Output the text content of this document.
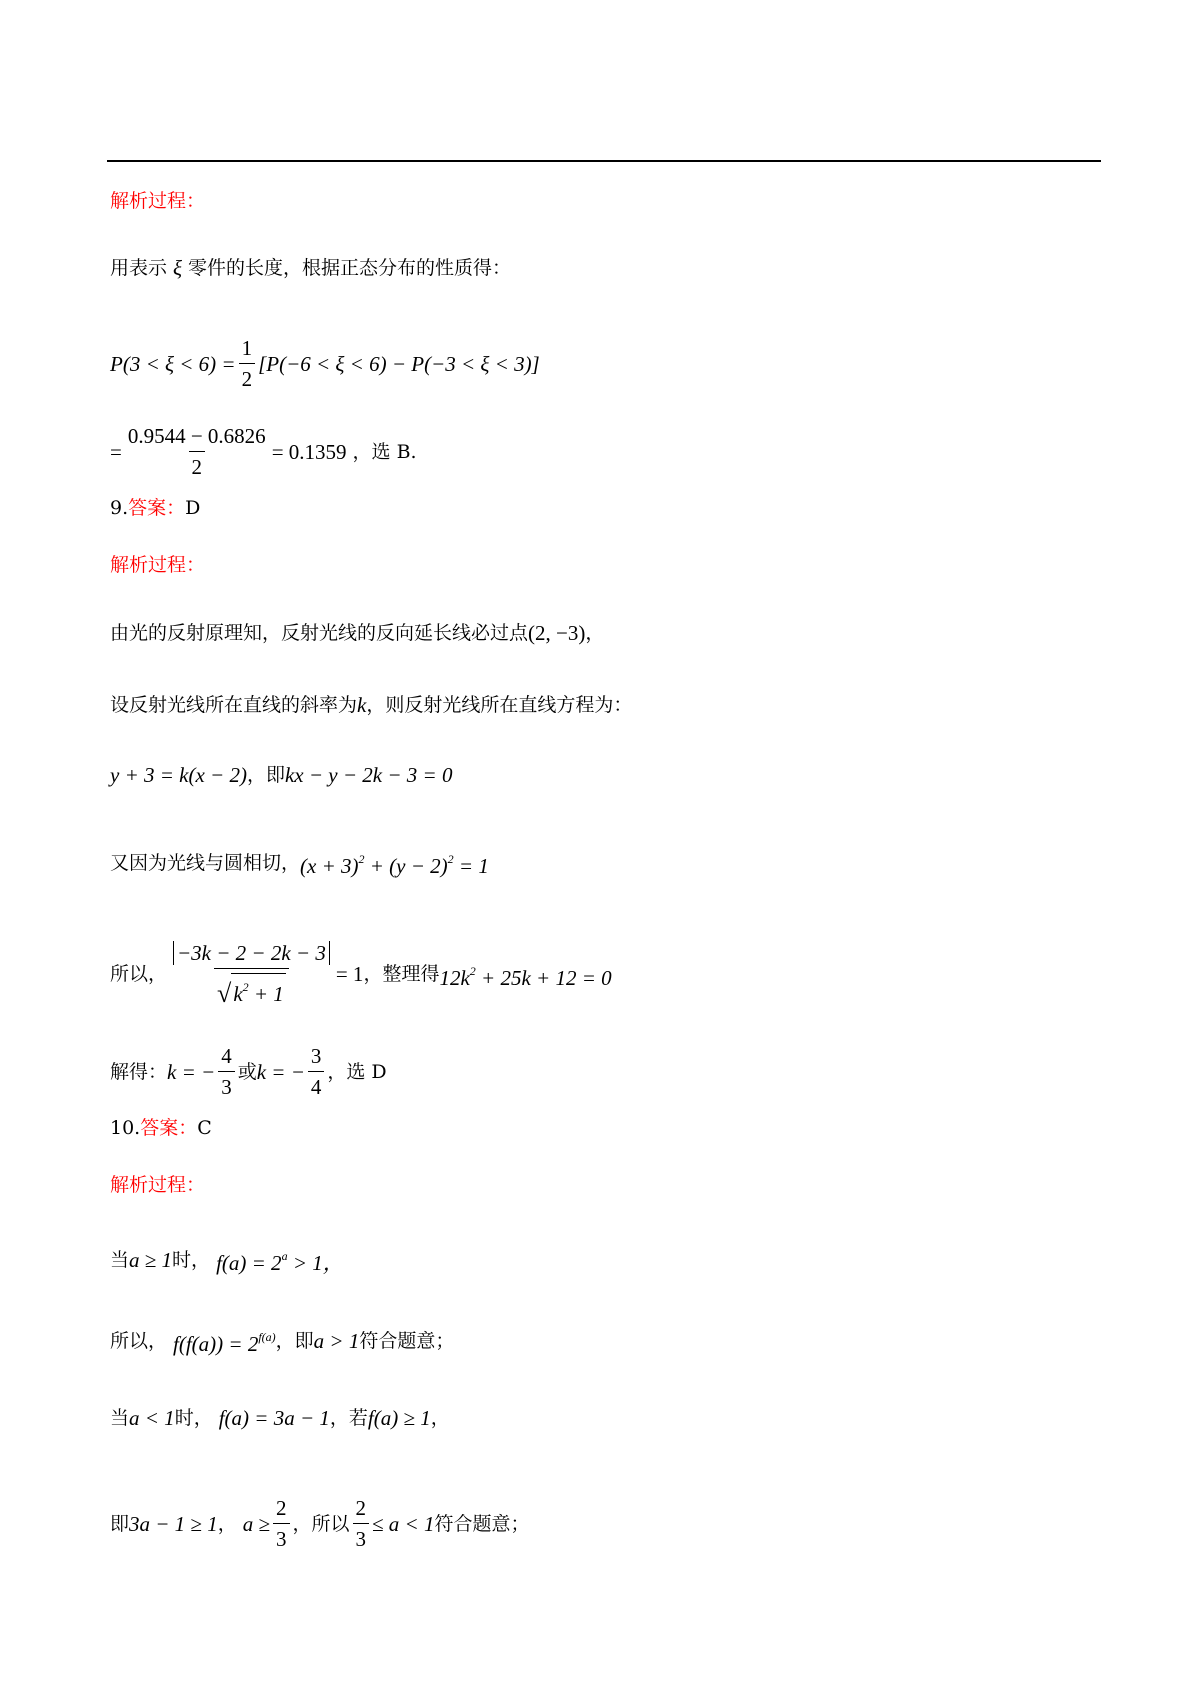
解析过程：
用表示 ξ 零件的长度，根据正态分布的性质得：
$P(3 < \xi < 6) = \frac{1}{2} [P(-6 < \xi < 6) - P(-3 < \xi < 3)]$
= $\frac{0.9544 - 0.6826}{2} = 0.1359$ ，选 B.
9. 答案： D
解析过程：
由光的反射原理知，反射光线的反向延长线必过点 (2, −3) ，
设反射光线所在直线的斜率为 k ，则反射光线所在直线方程为：
y + 3 = k(x − 2) ，即 kx − y − 2k − 3 = 0
又因为光线与圆相切， $(x + 3)^2 + (y - 2)^2 = 1$
所以， $\frac{-3k - 2 - 2k - 3}{√ k^2 + 1} = 1$ ，整理得 $12k^2 + 25k + 12 = 0$
解得： k = − $\frac{4}{3}$ 或 k = − $\frac{3}{4}$ ，选 D
10. 答案： C
解析过程：
当 a ≥ 1 时， $f(a) = 2^a > 1$，
所以， $f(f(a)) = 2^{f(a)}$ ，即 a > 1 符合题意；
当 a < 1 时， f(a) = 3a − 1 ，若 f(a) ≥ 1 ，
即 3a − 1 ≥ 1 ， $a \ge \frac{2}{3}$ ，所以 $\frac{2}{3} \le a < 1$ 符合题意；
